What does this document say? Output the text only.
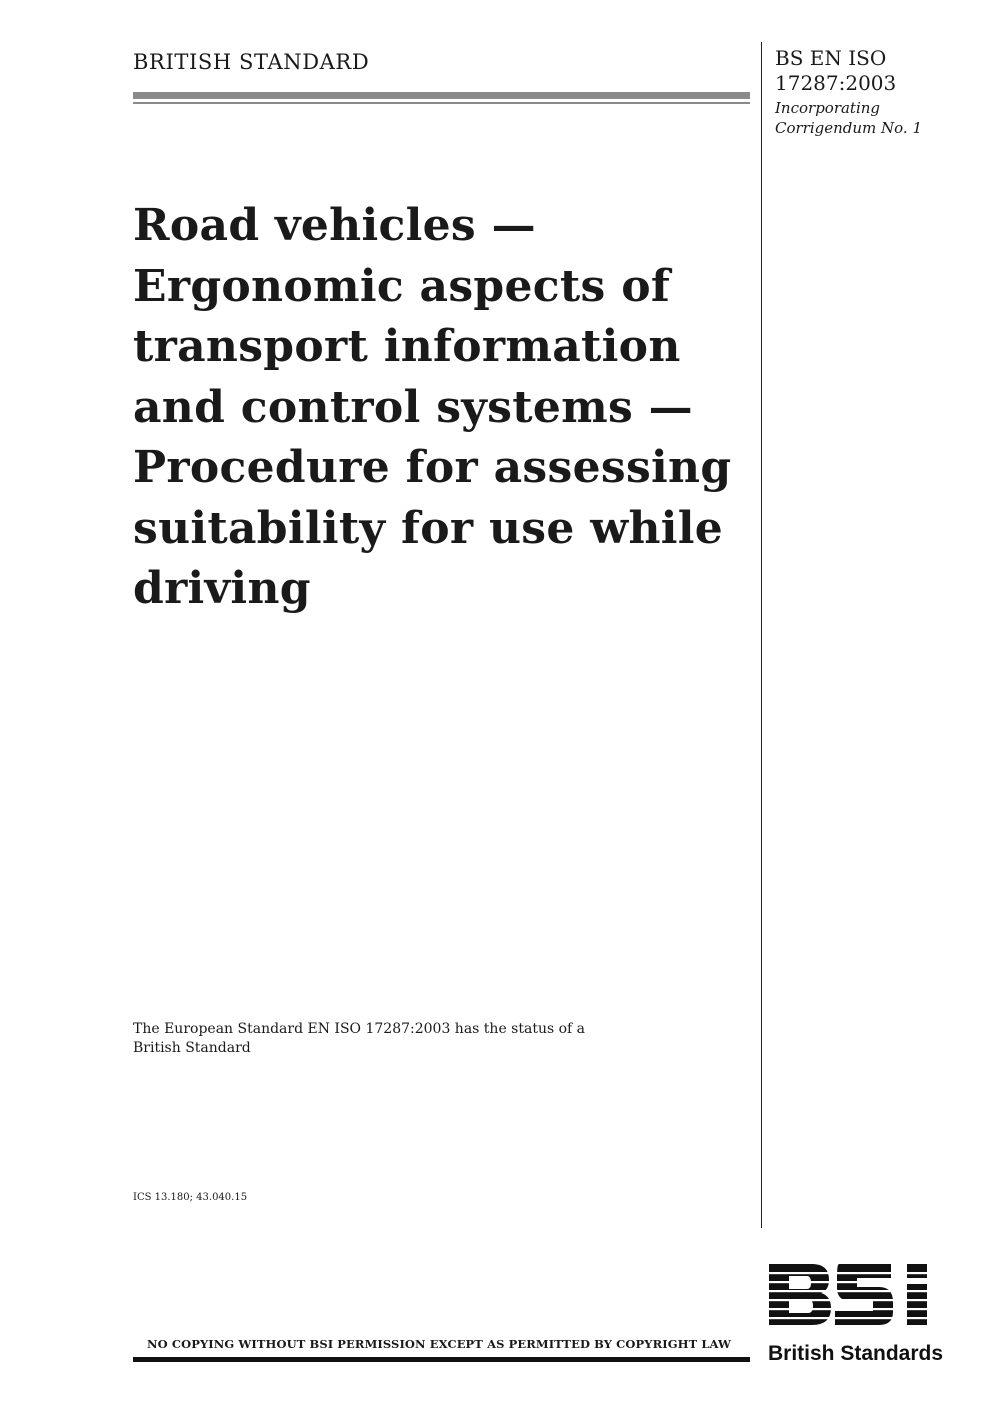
BRITISH STANDARD	BS EN ISO
17287:2003
Incorporating
Corrigendum No. 1
Road vehicles —
Ergonomic aspects of
transport information
and control systems —
Procedure for assessing
suitability for use while
driving
The European Standard EN ISO 17287:2003 has the status of a
British Standard
ICS 13.180; 43.040.15
NO COPYING WITHOUT BSI PERMISSION EXCEPT AS PERMITTED BY COPYRIGHT LAW British Standards
